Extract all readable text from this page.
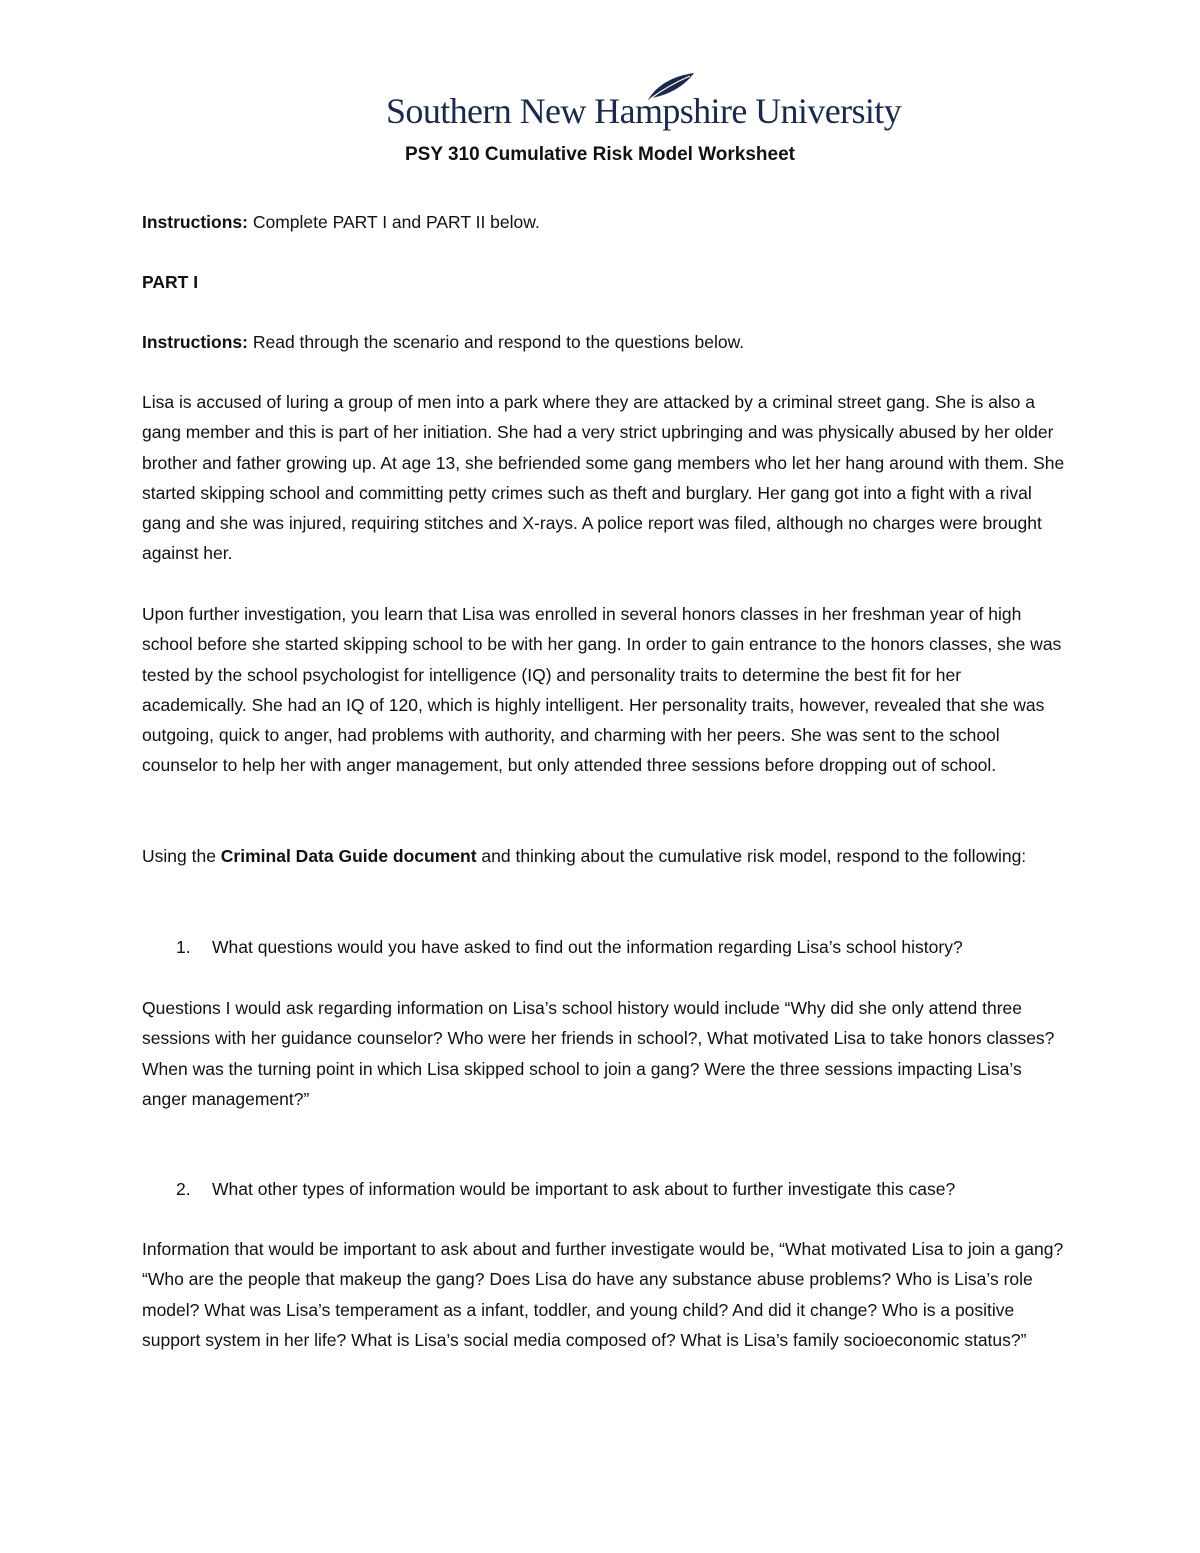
Southern New Hampshire University
PSY 310 Cumulative Risk Model Worksheet
Instructions: Complete PART I and PART II below.
PART I
Instructions: Read through the scenario and respond to the questions below.
Lisa is accused of luring a group of men into a park where they are attacked by a criminal street gang. She is also a gang member and this is part of her initiation. She had a very strict upbringing and was physically abused by her older brother and father growing up. At age 13, she befriended some gang members who let her hang around with them. She started skipping school and committing petty crimes such as theft and burglary. Her gang got into a fight with a rival gang and she was injured, requiring stitches and X-rays. A police report was filed, although no charges were brought against her.
Upon further investigation, you learn that Lisa was enrolled in several honors classes in her freshman year of high school before she started skipping school to be with her gang. In order to gain entrance to the honors classes, she was tested by the school psychologist for intelligence (IQ) and personality traits to determine the best fit for her academically. She had an IQ of 120, which is highly intelligent. Her personality traits, however, revealed that she was outgoing, quick to anger, had problems with authority, and charming with her peers. She was sent to the school counselor to help her with anger management, but only attended three sessions before dropping out of school.
Using the Criminal Data Guide document and thinking about the cumulative risk model, respond to the following:
1. What questions would you have asked to find out the information regarding Lisa’s school history?
Questions I would ask regarding information on Lisa’s school history would include “Why did she only attend three sessions with her guidance counselor? Who were her friends in school?, What motivated Lisa to take honors classes? When was the turning point in which Lisa skipped school to join a gang? Were the three sessions impacting Lisa’s anger management?”
2. What other types of information would be important to ask about to further investigate this case?
Information that would be important to ask about and further investigate would be, “What motivated Lisa to join a gang? “Who are the people that makeup the gang? Does Lisa do have any substance abuse problems? Who is Lisa’s role model? What was Lisa’s temperament as a infant, toddler, and young child? And did it change? Who is a positive support system in her life? What is Lisa’s social media composed of? What is Lisa’s family socioeconomic status?”
